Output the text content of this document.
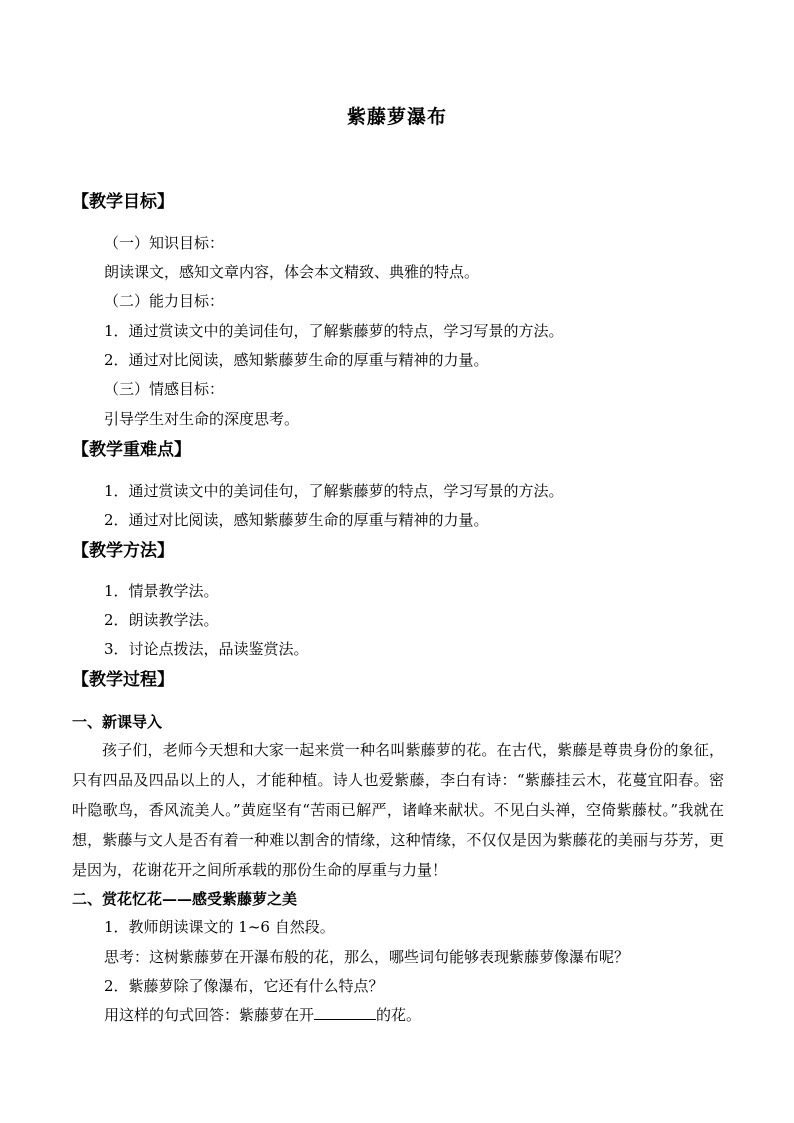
紫藤萝瀑布
【教学目标】
（一）知识目标：
朗读课文，感知文章内容，体会本文精致、典雅的特点。
（二）能力目标：
1．通过赏读文中的美词佳句，了解紫藤萝的特点，学习写景的方法。
2．通过对比阅读，感知紫藤萝生命的厚重与精神的力量。
（三）情感目标：
引导学生对生命的深度思考。
【教学重难点】
1．通过赏读文中的美词佳句，了解紫藤萝的特点，学习写景的方法。
2．通过对比阅读，感知紫藤萝生命的厚重与精神的力量。
【教学方法】
1．情景教学法。
2．朗读教学法。
3．讨论点拨法，品读鉴赏法。
【教学过程】
一、新课导入
孩子们，老师今天想和大家一起来赏一种名叫紫藤萝的花。在古代，紫藤是尊贵身份的象征，只有四品及四品以上的人，才能种植。诗人也爱紫藤，李白有诗：“紫藤挂云木，花蔓宜阳春。密叶隐歌鸟，香风流美人。”黄庭坚有“苦雨已解严，诸峰来献状。不见白头禅，空倚紫藤杖。”我就在想，紫藤与文人是否有着一种难以割舍的情缘，这种情缘，不仅仅是因为紫藤花的美丽与芬芳，更是因为，花谢花开之间所承载的那份生命的厚重与力量！
二、赏花忆花——感受紫藤萝之美
1．教师朗读课文的 1~6 自然段。
思考：这树紫藤萝在开瀑布般的花，那么，哪些词句能够表现紫藤萝像瀑布呢？
2．紫藤萝除了像瀑布，它还有什么特点？
用这样的句式回答：紫藤萝在开	的花。
